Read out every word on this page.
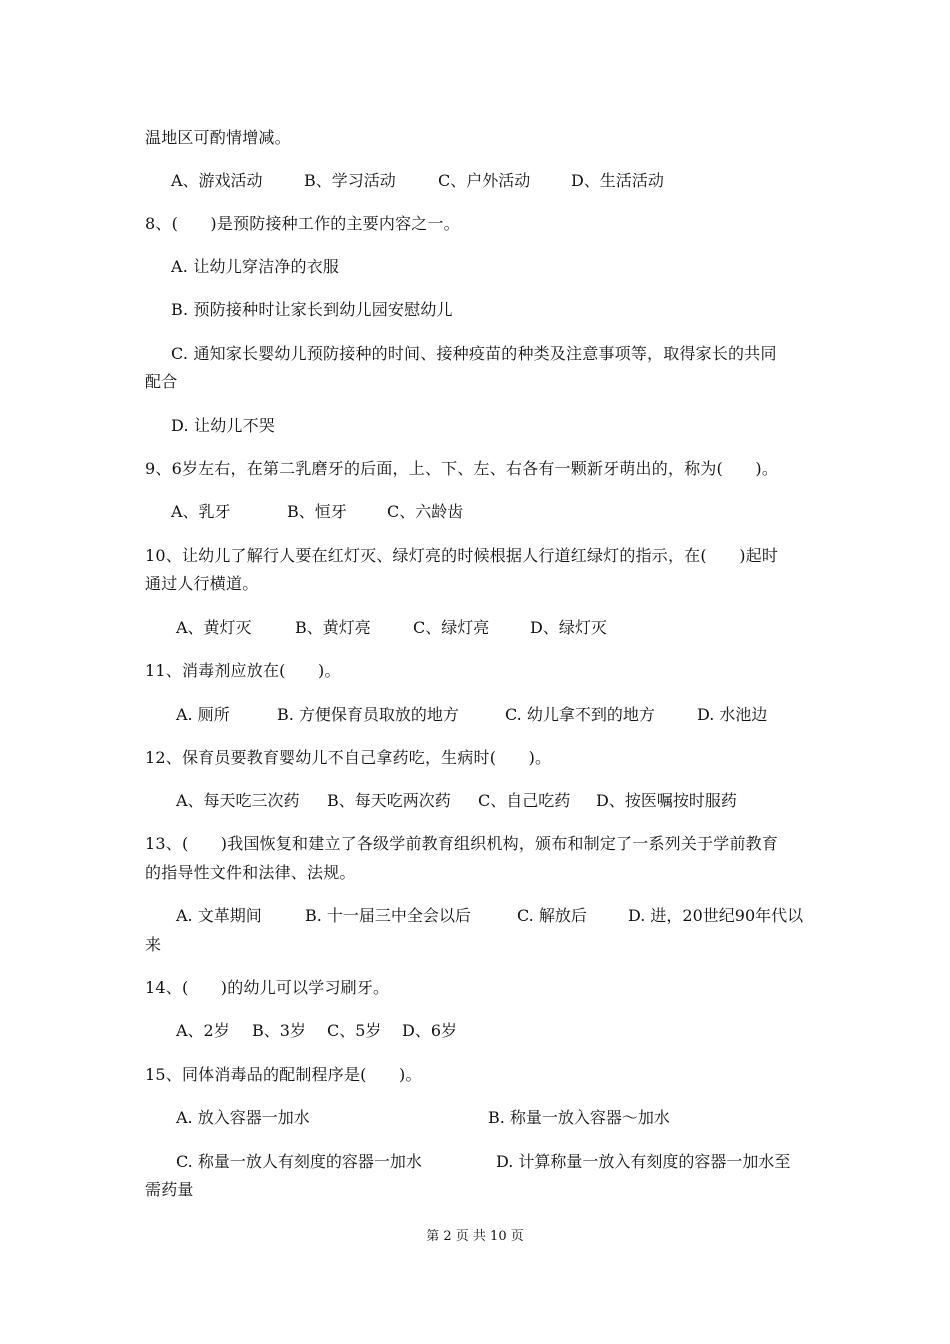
温地区可酌情增减。
A、游戏活动	B、学习活动	C、户外活动	D、生活活动
8、(　　)是预防接种工作的主要内容之一。
A. 让幼儿穿洁净的衣服
B. 预防接种时让家长到幼儿园安慰幼儿
C. 通知家长婴幼儿预防接种的时间、接种疫苗的种类及注意事项等，取得家长的共同
配合
D. 让幼儿不哭
9、6岁左右，在第二乳磨牙的后面，上、下、左、右各有一颗新牙萌出的，称为(　　)。
A、乳牙	B、恒牙	C、六龄齿
10、让幼儿了解行人要在红灯灭、绿灯亮的时候根据人行道红绿灯的指示，在(　　)起时
通过人行横道。
A、黄灯灭	B、黄灯亮	C、绿灯亮	D、绿灯灭
11、消毒剂应放在(　　)。
A. 厕所	B. 方便保育员取放的地方	C. 幼儿拿不到的地方	D. 水池边
12、保育员要教育婴幼儿不自己拿药吃，生病时(　　)。
A、每天吃三次药 B、每天吃两次药 C、自己吃药 D、按医嘱按时服药
13、(　　)我国恢复和建立了各级学前教育组织机构，颁布和制定了一系列关于学前教育
的指导性文件和法律、法规。
A. 文革期间	B. 十一届三中全会以后	C. 解放后	D. 进，20世纪90年代以
来
14、(　　)的幼儿可以学习刷牙。
A、2岁 B、3岁 C、5岁 D、6岁
15、同体消毒品的配制程序是(　　)。
A. 放入容器一加水	B. 称量一放入容器～加水
C. 称量一放人有刻度的容器一加水	D. 计算称量一放入有刻度的容器一加水至
需药量
第 2 页 共 10 页
